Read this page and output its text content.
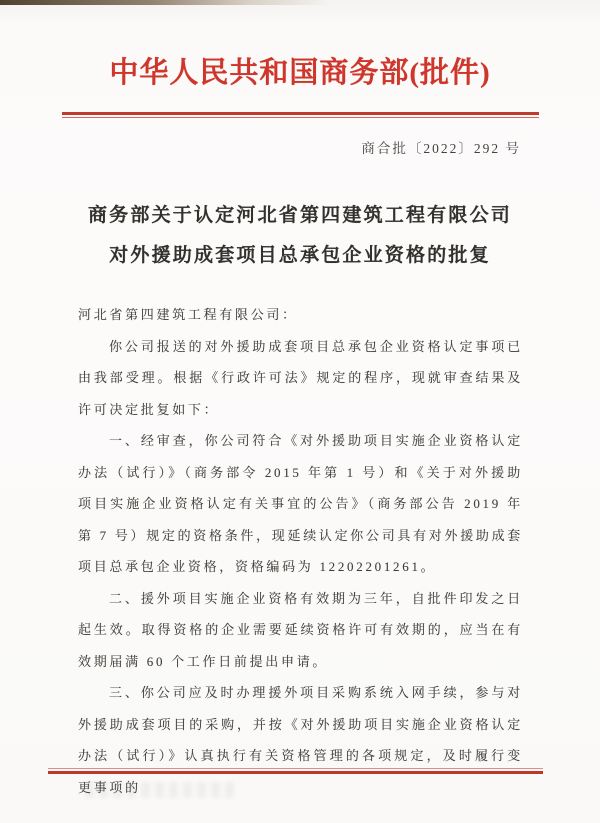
中华人民共和国商务部(批件)
商合批〔2022〕292 号
商务部关于认定河北省第四建筑工程有限公司
对外援助成套项目总承包企业资格的批复

河北省第四建筑工程有限公司：

你公司报送的对外援助成套项目总承包企业资格认定事项已由我部受理。根据《行政许可法》规定的程序，现就审查结果及许可决定批复如下：

一、经审查，你公司符合《对外援助项目实施企业资格认定办法（试行）》（商务部令 2015 年第 1 号）和《关于对外援助项目实施企业资格认定有关事宜的公告》（商务部公告 2019 年第 7 号）规定的资格条件，现延续认定你公司具有对外援助成套项目总承包企业资格，资格编码为 12202201261。

二、援外项目实施企业资格有效期为三年，自批件印发之日起生效。取得资格的企业需要延续资格许可有效期的，应当在有效期届满 60 个工作日前提出申请。

三、你公司应及时办理援外项目采购系统入网手续，参与对外援助成套项目的采购，并按《对外援助项目实施企业资格认定办法（试行）》认真执行有关资格管理的各项规定，及时履行变更事项的
